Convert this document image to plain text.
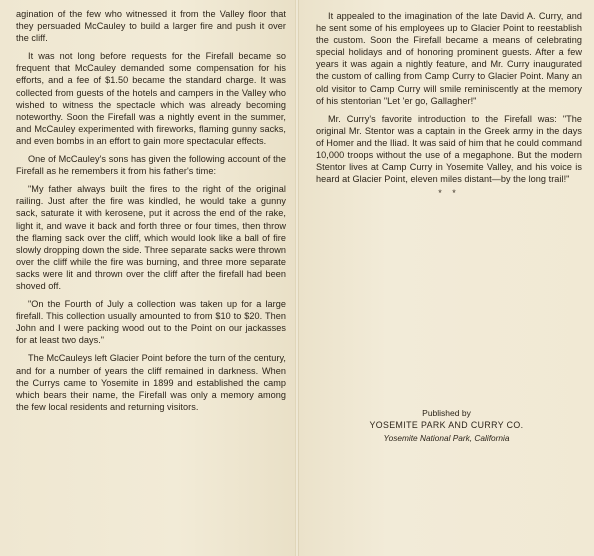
agination of the few who witnessed it from the Valley floor that they persuaded McCauley to build a larger fire and push it over the cliff.

It was not long before requests for the Firefall became so frequent that McCauley demanded some compensation for his efforts, and a fee of $1.50 became the standard charge. It was collected from guests of the hotels and campers in the Valley who wished to witness the spectacle which was already becoming noteworthy. Soon the Firefall was a nightly event in the summer, and McCauley experimented with fireworks, flaming gunny sacks, and even bombs in an effort to gain more spectacular effects.

One of McCauley's sons has given the following account of the Firefall as he remembers it from his father's time:

"My father always built the fires to the right of the original railing. Just after the fire was kindled, he would take a gunny sack, saturate it with kerosene, put it across the end of the rake, light it, and wave it back and forth three or four times, then throw the flaming sack over the cliff, which would look like a ball of fire slowly dropping down the side. Three separate sacks were thrown over the cliff while the fire was burning, and three more separate sacks were lit and thrown over the cliff after the firefall had been shoved off.

"On the Fourth of July a collection was taken up for a large firefall. This collection usually amounted to from $10 to $20. Then John and I were packing wood out to the Point on our jackasses for at least two days."

The McCauleys left Glacier Point before the turn of the century, and for a number of years the cliff remained in darkness. When the Currys came to Yosemite in 1899 and established the camp which bears their name, the Firefall was only a memory among the few local residents and returning visitors.

It appealed to the imagination of the late David A. Curry, and he sent some of his employees up to Glacier Point to reestablish the custom. Soon the Firefall became a means of celebrating special holidays and of honoring prominent guests. After a few years it was again a nightly feature, and Mr. Curry inaugurated the custom of calling from Camp Curry to Glacier Point. Many an old visitor to Camp Curry will smile reminiscently at the memory of his stentorian "Let 'er go, Gallagher!"

Mr. Curry's favorite introduction to the Firefall was: "The original Mr. Stentor was a captain in the Greek army in the days of Homer and the Iliad. It was said of him that he could command 10,000 troops without the use of a megaphone. But the modern Stentor lives at Camp Curry in Yosemite Valley, and his voice is heard at Glacier Point, eleven miles distant—by the long trail!"

* *
Published by
YOSEMITE PARK AND CURRY CO.
Yosemite National Park, California
